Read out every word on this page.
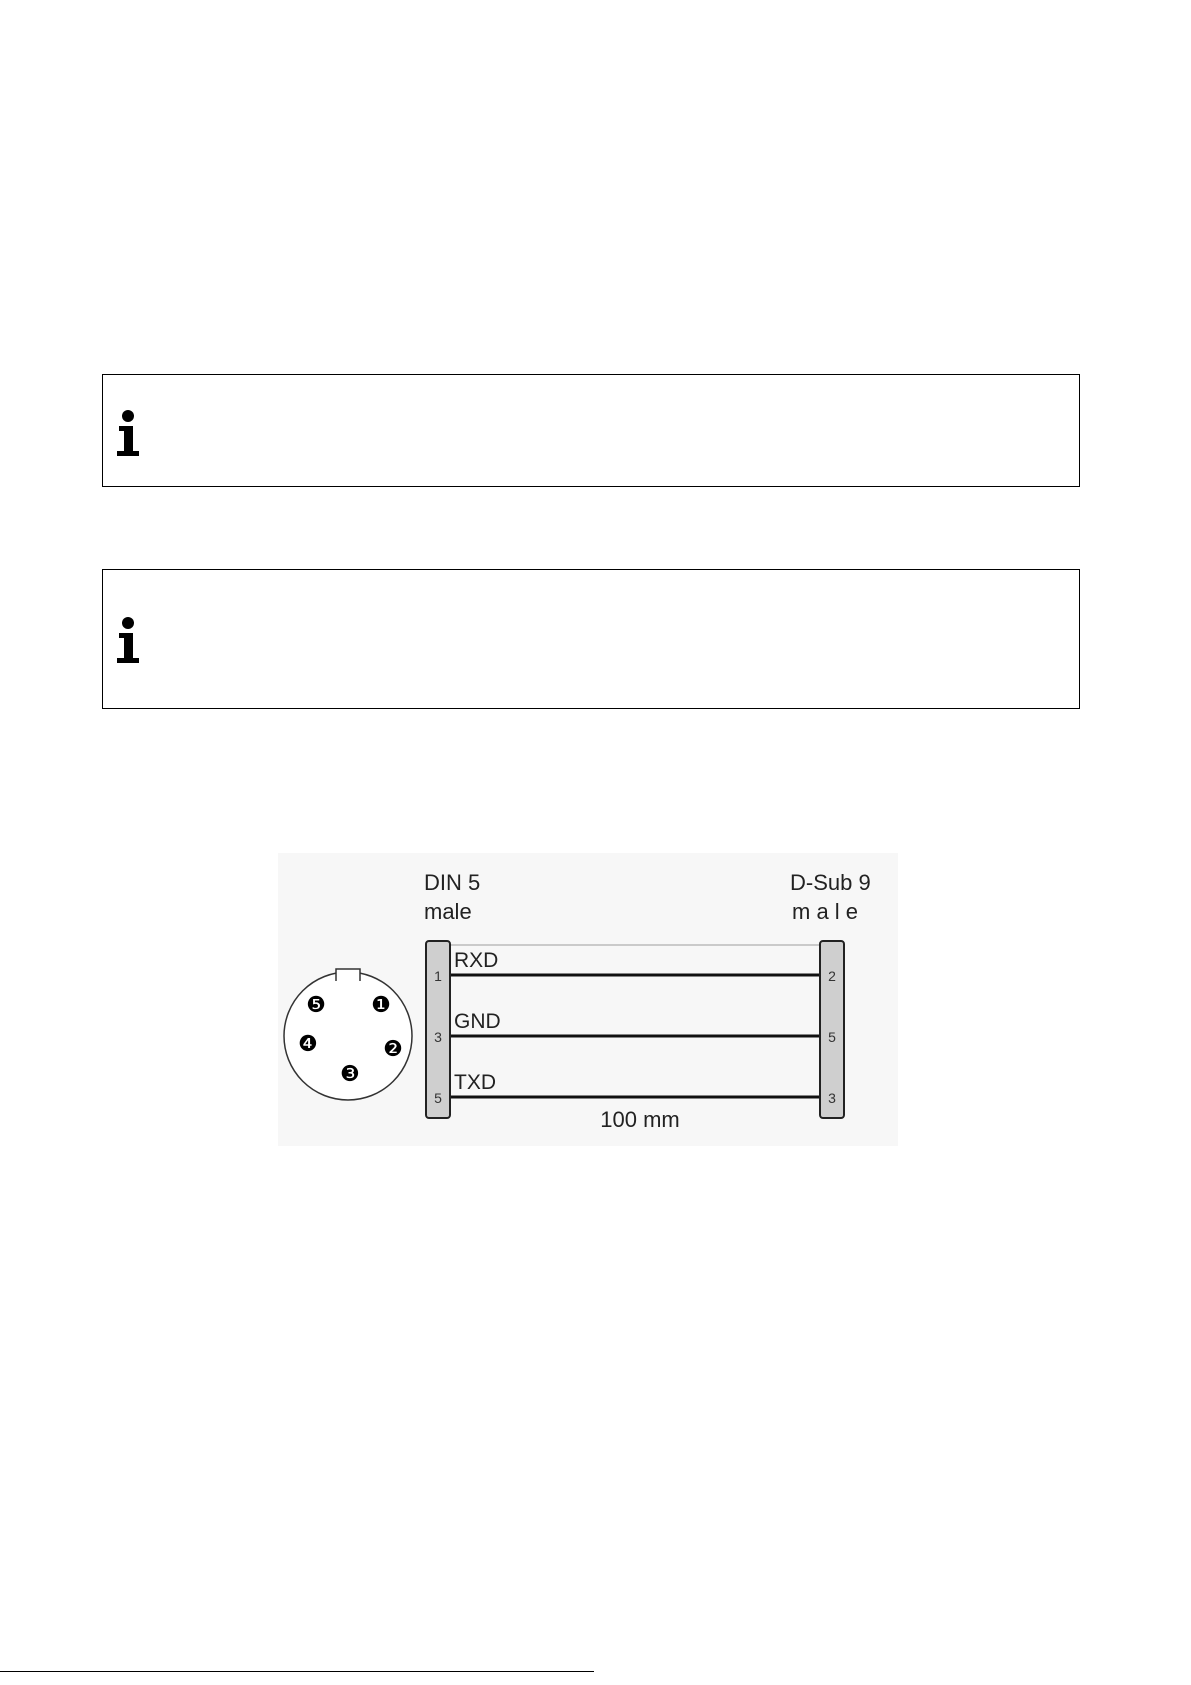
DIN 5
male
D-Sub 9
m a l e
❶
❷
❸
❹
❺
RXD
GND
TXD
1
3
5
2
5
3
100 mm
